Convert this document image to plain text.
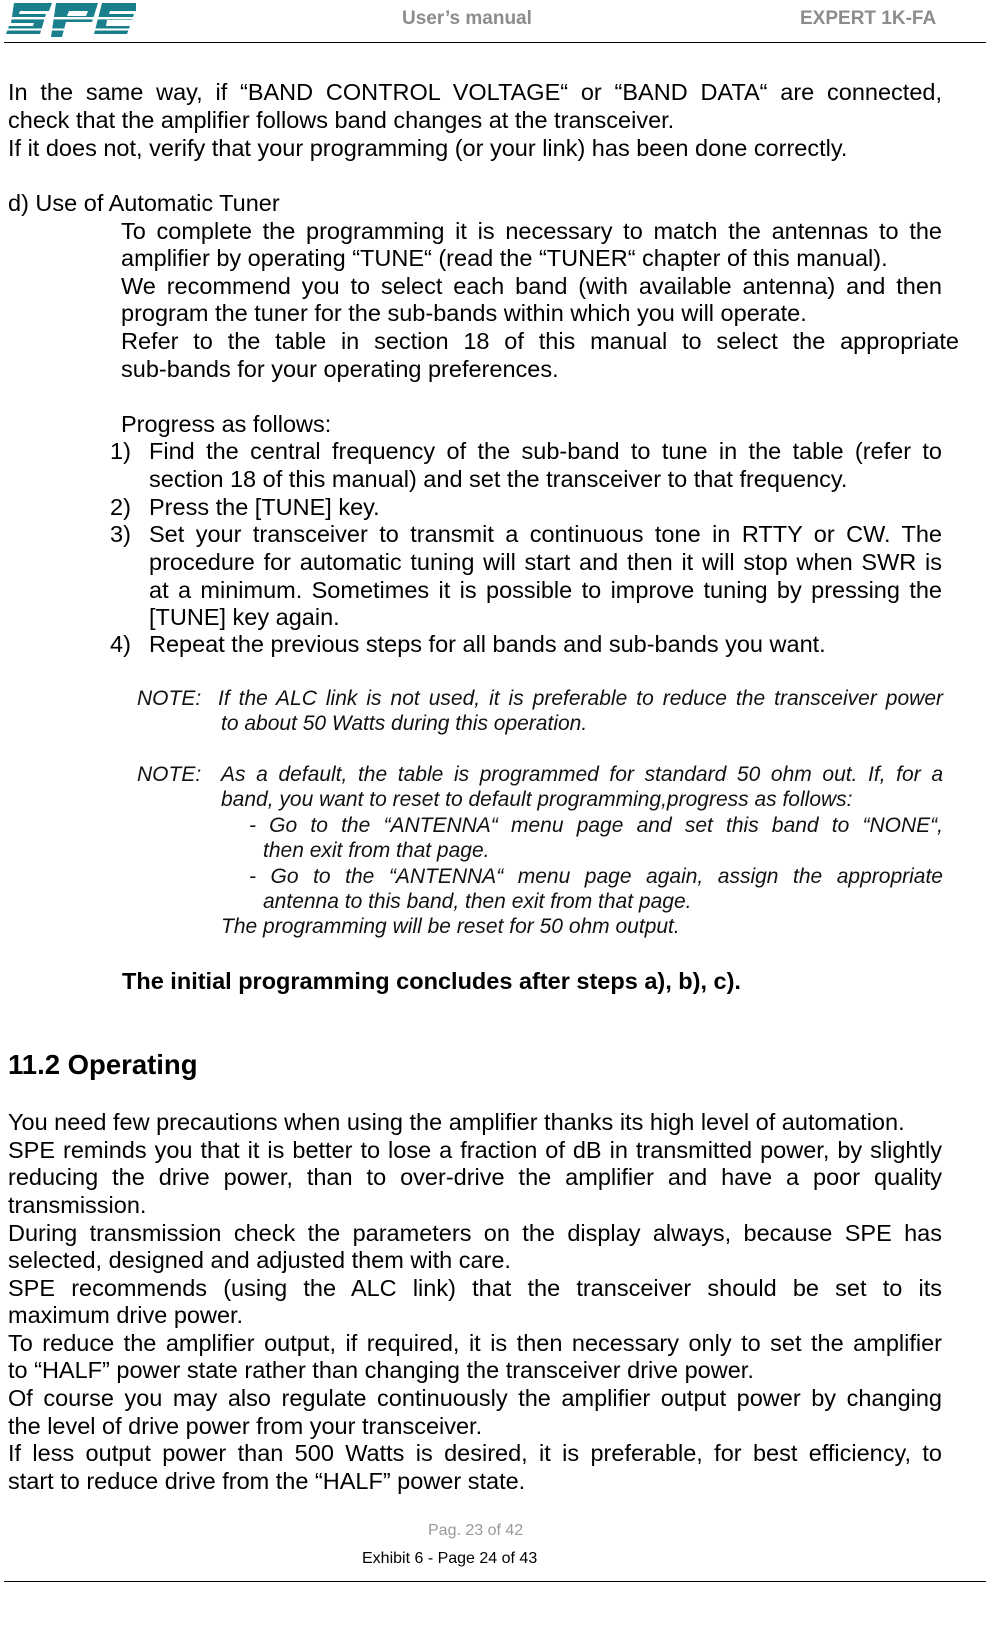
User’s manual	EXPERT 1K-FA
In the same way, if “BAND CONTROL VOLTAGE“ or “BAND DATA“ are connected,
check that the amplifier follows band changes at the transceiver.
If it does not, verify that your programming (or your link) has been done correctly.
d) Use of Automatic Tuner
To complete the programming it is necessary to match the antennas to the
amplifier by operating “TUNE“ (read the “TUNER“ chapter of this manual).
We recommend you to select each band (with available antenna) and then
program the tuner for the sub-bands within which you will operate.
Refer to the table in section 18 of this manual to select the appropriate
sub-bands for your operating preferences.
Progress as follows:
1) Find the central frequency of the sub-band to tune in the table (refer to
section 18 of this manual) and set the transceiver to that frequency.
2) Press the [TUNE] key.
3) Set your transceiver to transmit a continuous tone in RTTY or CW. The
procedure for automatic tuning will start and then it will stop when SWR is
at a minimum. Sometimes it is possible to improve tuning by pressing the
[TUNE] key again.
4) Repeat the previous steps for all bands and sub-bands you want.
NOTE: If the ALC link is not used, it is preferable to reduce the transceiver power
to about 50 Watts during this operation.
NOTE: As a default, the table is programmed for standard 50 ohm out. If, for a
band, you want to reset to default programming,progress as follows:
- Go to the “ANTENNA“ menu page and set this band to “NONE“,
then exit from that page.
- Go to the “ANTENNA“ menu page again, assign the appropriate
antenna to this band, then exit from that page.
The programming will be reset for 50 ohm output.
The initial programming concludes after steps a), b), c).
11.2 Operating
You need few precautions when using the amplifier thanks its high level of automation.
SPE reminds you that it is better to lose a fraction of dB in transmitted power, by slightly
reducing the drive power, than to over-drive the amplifier and have a poor quality
transmission.
During transmission check the parameters on the display always, because SPE has
selected, designed and adjusted them with care.
SPE recommends (using the ALC link) that the transceiver should be set to its
maximum drive power.
To reduce the amplifier output, if required, it is then necessary only to set the amplifier
to “HALF” power state rather than changing the transceiver drive power.
Of course you may also regulate continuously the amplifier output power by changing
the level of drive power from your transceiver.
If less output power than 500 Watts is desired, it is preferable, for best efficiency, to
start to reduce drive from the “HALF” power state.
Pag. 23 of 42
Exhibit 6 - Page 24 of 43
